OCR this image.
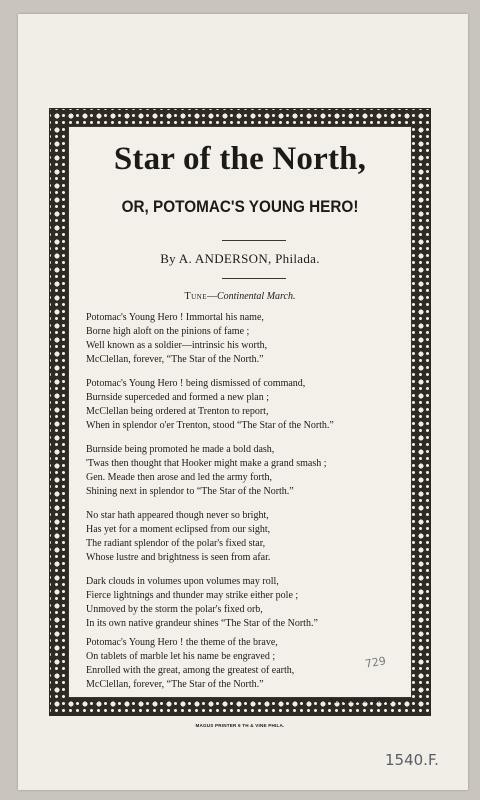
Star of the North,
OR, POTOMAC'S YOUNG HERO!
By A. ANDERSON, Philada.
Tune—Continental March.
Potomac's Young Hero ! Immortal his name,
Borne high aloft on the pinions of fame ;
Well known as a soldier—intrinsic his worth,
McClellan, forever, “The Star of the North.”
Potomac's Young Hero ! being dismissed of command,
Burnside superceded and formed a new plan ;
McClellan being ordered at Trenton to report,
When in splendor o'er Trenton, stood “The Star of the North.”
Burnside being promoted he made a bold dash,
'Twas then thought that Hooker might make a grand smash ;
Gen. Meade then arose and led the army forth,
Shining next in splendor to “The Star of the North.”
No star hath appeared though never so bright,
Has yet for a moment eclipsed from our sight,
The radiant splendor of the polar's fixed star,
Whose lustre and brightness is seen from afar.
Dark clouds in volumes upon volumes may roll,
Fierce lightnings and thunder may strike either pole ;
Unmoved by the storm the polar's fixed orb,
In its own native grandeur shines “The Star of the North.”
Potomac's Young Hero ! the theme of the brave,
On tablets of marble let his name be engraved ;
Enrolled with the great, among the greatest of earth,
McClellan, forever, “The Star of the North.”
September, 1863.
MAGUS PRINTER 6 TH & VINE PHILA.
729
1540.F.
